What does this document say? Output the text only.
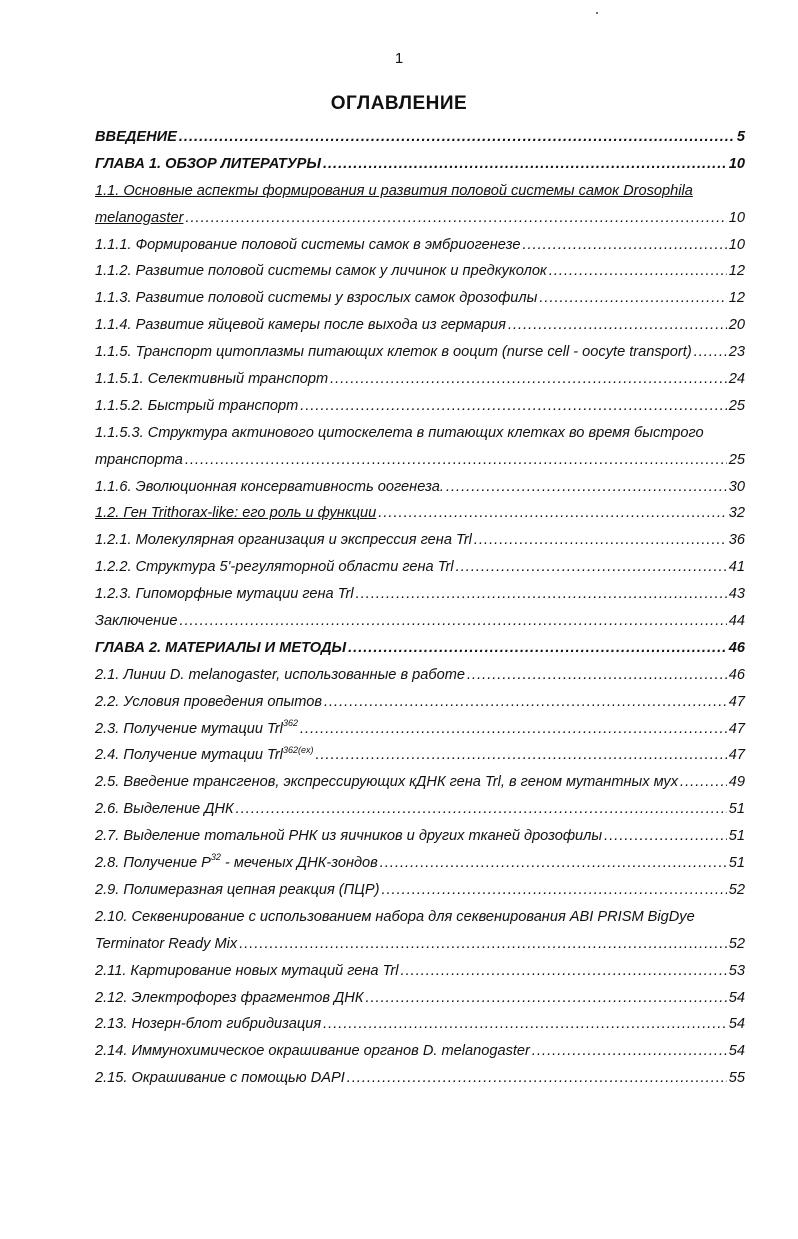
1
ОГЛАВЛЕНИЕ
ВВЕДЕНИЕ .....	5
ГЛАВА 1. ОБЗОР ЛИТЕРАТУРЫ .....	10
1.1. Основные аспекты формирования и развития половой системы самок Drosophila
melanogaster .....	10
1.1.1. Формирование половой системы самок в эмбриогенезе .....	10
1.1.2. Развитие половой системы самок у личинок и предкуколок .....	12
1.1.3. Развитие половой системы у взрослых самок дрозофилы .....	12
1.1.4. Развитие яйцевой камеры после выхода из гермария .....	20
1.1.5. Транспорт цитоплазмы питающих клеток в ооцит (nurse cell - oocyte transport) .....	23
1.1.5.1. Селективный транспорт .....	24
1.1.5.2. Быстрый транспорт .....	25
1.1.5.3. Структура актинового цитоскелета в питающих клетках во время быстрого
транспорта .....	25
1.1.6. Эволюционная консервативность оогенеза. .....	30
1.2. Ген Trithorax-like: его роль и функции .....	32
1.2.1. Молекулярная организация и экспрессия гена Trl .....	36
1.2.2. Структура 5'-регуляторной области гена Trl .....	41
1.2.3. Гипоморфные мутации гена Trl .....	43
Заключение .....	44
ГЛАВА 2. МАТЕРИАЛЫ И МЕТОДЫ .....	46
2.1. Линии D. melanogaster, использованные в работе .....	46
2.2. Условия проведения опытов .....	47
2.3. Получение мутации Trl$^{362}$ .....	47
2.4. Получение мутации Trl$^{362(ex)}$ .....	47
2.5. Введение трансгенов, экспрессирующих кДНК гена Trl, в геном мутантных мух .....	49
2.6. Выделение ДНК .....	51
2.7. Выделение тотальной РНК из яичников и других тканей дрозофилы .....	51
2.8. Получение $P^{32}$ - меченых ДНК-зондов .....	51
2.9. Полимеразная цепная реакция (ПЦР) .....	52
2.10. Секвенирование с использованием набора для секвенирования ABI PRISM BigDye
Terminator Ready Mix .....	52
2.11. Картирование новых мутаций гена Trl .....	53
2.12. Электрофорез фрагментов ДНК .....	54
2.13. Нозерн-блот гибридизация .....	54
2.14. Иммунохимическое окрашивание органов D. melanogaster .....	54
2.15. Окрашивание с помощью DAPI .....	55
